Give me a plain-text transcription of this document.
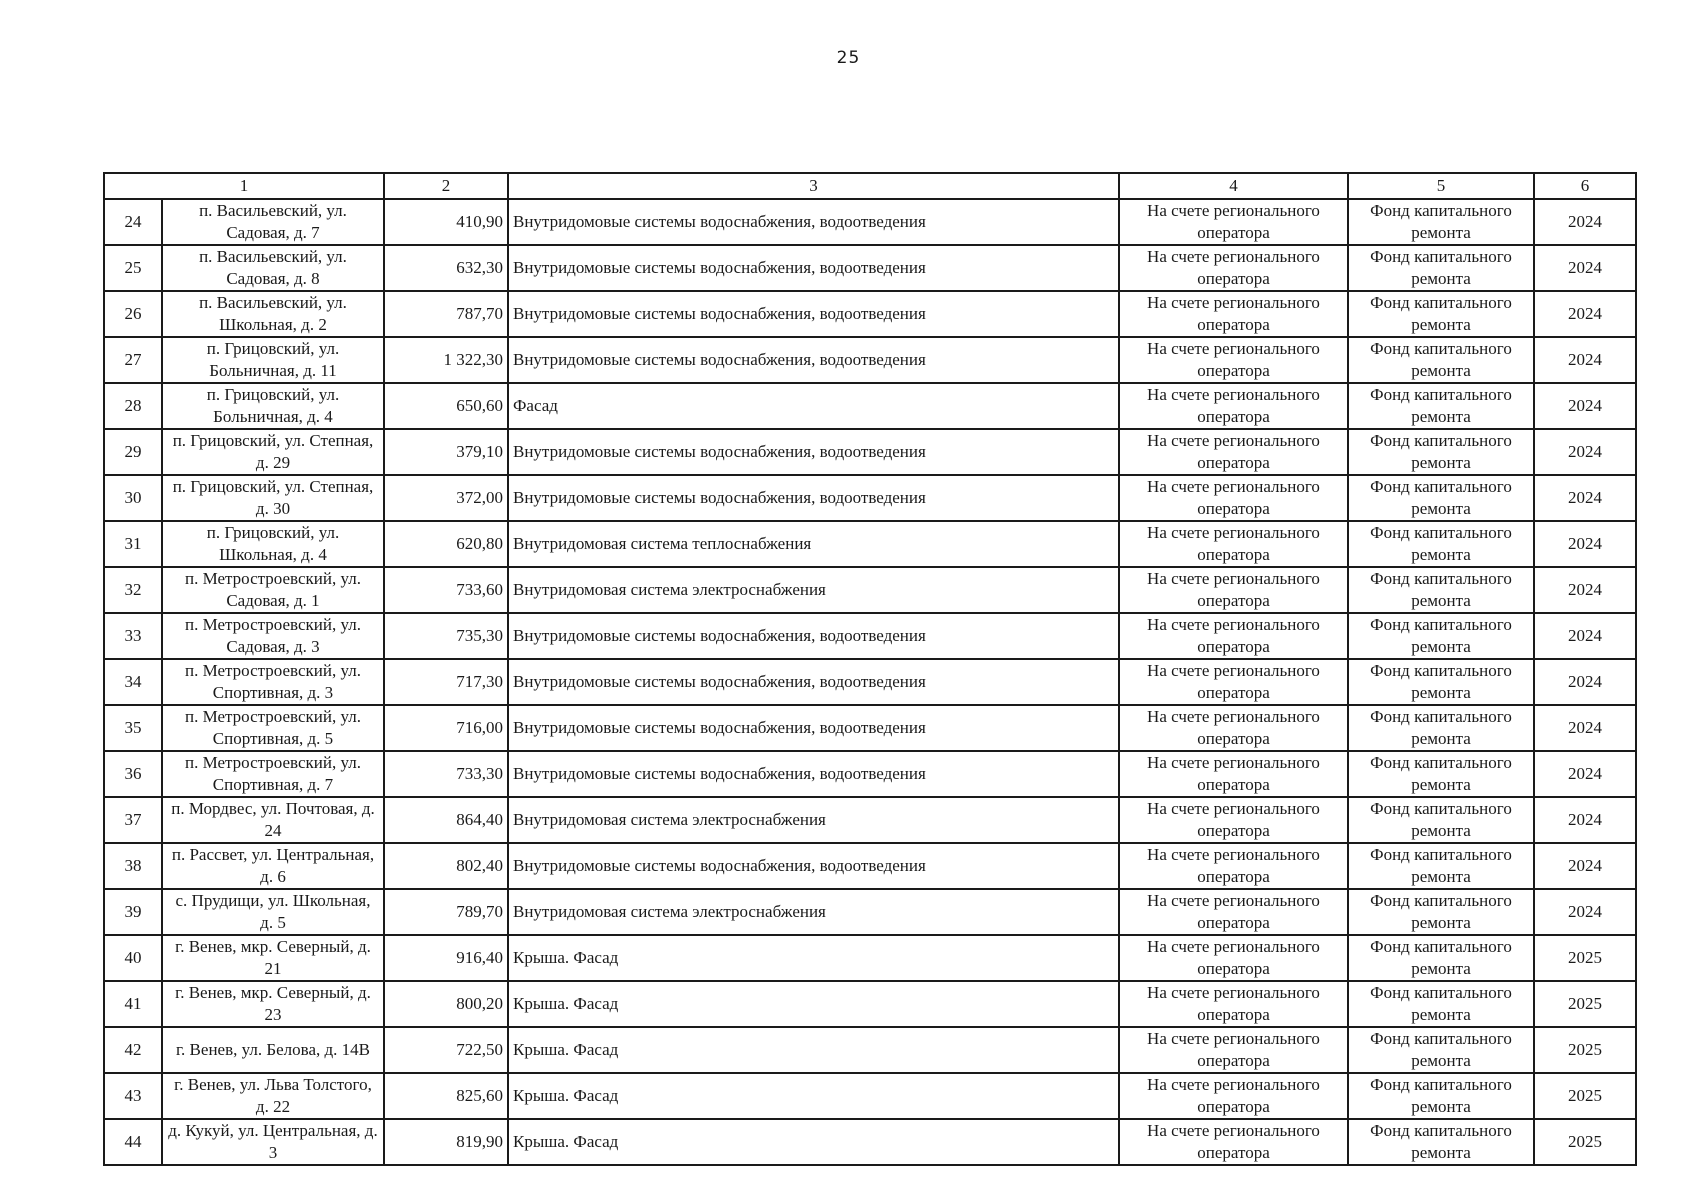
25
1		2	3	4	5	6
24	п. Васильевский, ул. Садовая, д. 7	410,90	Внутридомовые системы водоснабжения, водоотведения	На счете регионального оператора	Фонд капитального ремонта	2024
25	п. Васильевский, ул. Садовая, д. 8	632,30	Внутридомовые системы водоснабжения, водоотведения	На счете регионального оператора	Фонд капитального ремонта	2024
26	п. Васильевский, ул. Школьная, д. 2	787,70	Внутридомовые системы водоснабжения, водоотведения	На счете регионального оператора	Фонд капитального ремонта	2024
27	п. Грицовский, ул. Больничная, д. 11	1 322,30	Внутридомовые системы водоснабжения, водоотведения	На счете регионального оператора	Фонд капитального ремонта	2024
28	п. Грицовский, ул. Больничная, д. 4	650,60	Фасад	На счете регионального оператора	Фонд капитального ремонта	2024
29	п. Грицовский, ул. Степная, д. 29	379,10	Внутридомовые системы водоснабжения, водоотведения	На счете регионального оператора	Фонд капитального ремонта	2024
30	п. Грицовский, ул. Степная, д. 30	372,00	Внутридомовые системы водоснабжения, водоотведения	На счете регионального оператора	Фонд капитального ремонта	2024
31	п. Грицовский, ул. Школьная, д. 4	620,80	Внутридомовая система теплоснабжения	На счете регионального оператора	Фонд капитального ремонта	2024
32	п. Метростроевский, ул. Садовая, д. 1	733,60	Внутридомовая система электроснабжения	На счете регионального оператора	Фонд капитального ремонта	2024
33	п. Метростроевский, ул. Садовая, д. 3	735,30	Внутридомовые системы водоснабжения, водоотведения	На счете регионального оператора	Фонд капитального ремонта	2024
34	п. Метростроевский, ул. Спортивная, д. 3	717,30	Внутридомовые системы водоснабжения, водоотведения	На счете регионального оператора	Фонд капитального ремонта	2024
35	п. Метростроевский, ул. Спортивная, д. 5	716,00	Внутридомовые системы водоснабжения, водоотведения	На счете регионального оператора	Фонд капитального ремонта	2024
36	п. Метростроевский, ул. Спортивная, д. 7	733,30	Внутридомовые системы водоснабжения, водоотведения	На счете регионального оператора	Фонд капитального ремонта	2024
37	п. Мордвес, ул. Почтовая, д. 24	864,40	Внутридомовая система электроснабжения	На счете регионального оператора	Фонд капитального ремонта	2024
38	п. Рассвет, ул. Центральная, д. 6	802,40	Внутридомовые системы водоснабжения, водоотведения	На счете регионального оператора	Фонд капитального ремонта	2024
39	с. Прудищи, ул. Школьная, д. 5	789,70	Внутридомовая система электроснабжения	На счете регионального оператора	Фонд капитального ремонта	2024
40	г. Венев, мкр. Северный, д. 21	916,40	Крыша. Фасад	На счете регионального оператора	Фонд капитального ремонта	2025
41	г. Венев, мкр. Северный, д. 23	800,20	Крыша. Фасад	На счете регионального оператора	Фонд капитального ремонта	2025
42	г. Венев, ул. Белова, д. 14В	722,50	Крыша. Фасад	На счете регионального оператора	Фонд капитального ремонта	2025
43	г. Венев, ул. Льва Толстого, д. 22	825,60	Крыша. Фасад	На счете регионального оператора	Фонд капитального ремонта	2025
44	д. Кукуй, ул. Центральная, д. 3	819,90	Крыша. Фасад	На счете регионального оператора	Фонд капитального ремонта	2025
